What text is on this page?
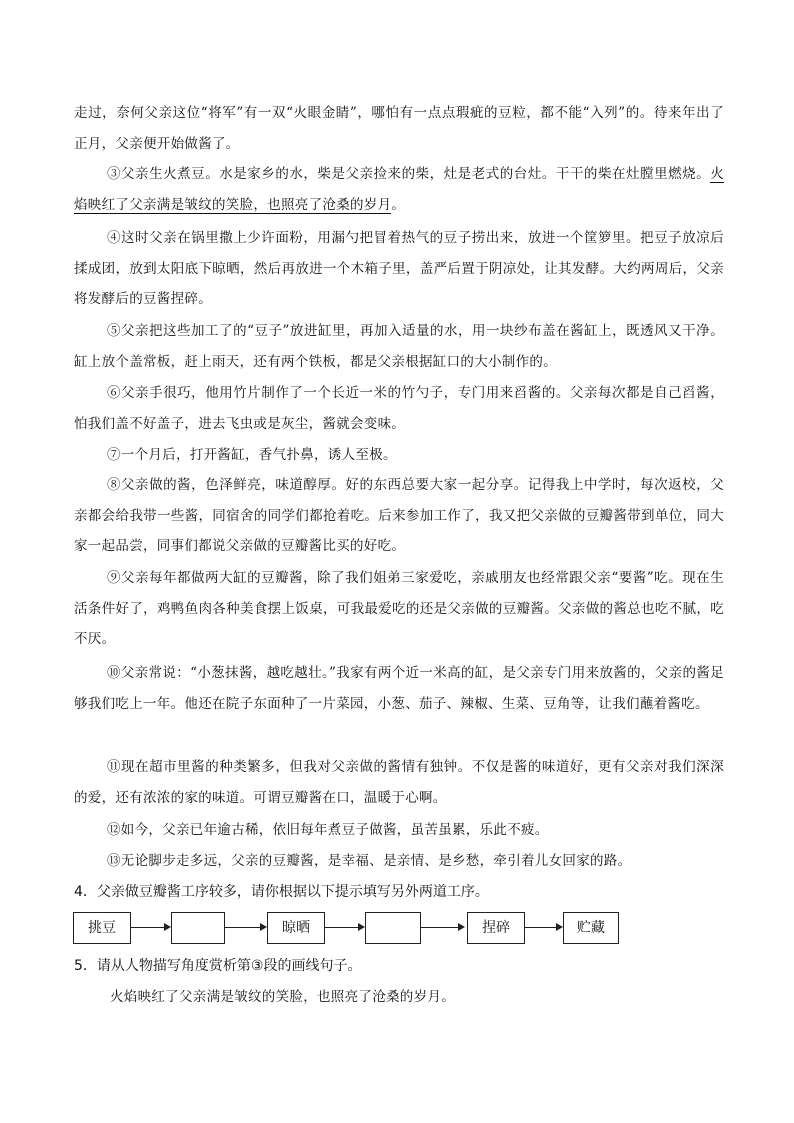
走过，奈何父亲这位“将军”有一双“火眼金睛”，哪怕有一点点瑕疵的豆粒，都不能“入列”的。待来年出了正月，父亲便开始做酱了。
③父亲生火煮豆。水是家乡的水，柴是父亲捡来的柴，灶是老式的台灶。干干的柴在灶膛里燃烧。火焰映红了父亲满是皱纹的笑脸，也照亮了沧桑的岁月。
④这时父亲在锅里撒上少许面粉，用漏勺把冒着热气的豆子捞出来，放进一个筐箩里。把豆子放凉后揉成团，放到太阳底下晾晒，然后再放进一个木箱子里，盖严后置于阴凉处，让其发酵。大约两周后，父亲将发酵后的豆酱捏碎。
⑤父亲把这些加工了的“豆子”放进缸里，再加入适量的水，用一块纱布盖在酱缸上，既透风又干净。缸上放个盖常板，赶上雨天，还有两个铁板，都是父亲根据缸口的大小制作的。
⑥父亲手很巧，他用竹片制作了一个长近一米的竹勺子，专门用来舀酱的。父亲每次都是自己舀酱，怕我们盖不好盖子，进去飞虫或是灰尘，酱就会变味。
⑦一个月后，打开酱缸，香气扑鼻，诱人至极。
⑧父亲做的酱，色泽鲜亮，味道醇厚。好的东西总要大家一起分享。记得我上中学时，每次返校，父亲都会给我带一些酱，同宿舍的同学们都抢着吃。后来参加工作了，我又把父亲做的豆瓣酱带到单位，同大家一起品尝，同事们都说父亲做的豆瓣酱比买的好吃。
⑨父亲每年都做两大缸的豆瓣酱，除了我们姐弟三家爱吃，亲戚朋友也经常跟父亲“要酱”吃。现在生活条件好了，鸡鸭鱼肉各种美食摆上饭桌，可我最爱吃的还是父亲做的豆瓣酱。父亲做的酱总也吃不腻，吃不厌。
⑩父亲常说：“小葱抹酱，越吃越壮。”我家有两个近一米高的缸，是父亲专门用来放酱的，父亲的酱足够我们吃上一年。他还在院子东面种了一片菜园，小葱、茄子、辣椒、生菜、豆角等，让我们蘸着酱吃。
⑪现在超市里酱的种类繁多，但我对父亲做的酱情有独钟。不仅是酱的味道好，更有父亲对我们深深的爱，还有浓浓的家的味道。可谓豆瓣酱在口，温暖于心啊。
⑫如今，父亲已年逾古稀，依旧每年煮豆子做酱，虽苦虽累，乐此不疲。
⑬无论脚步走多远，父亲的豆瓣酱，是幸福、是亲情、是乡愁，牵引着儿女回家的路。
4．父亲做豆瓣酱工序较多，请你根据以下提示填写另外两道工序。
挑豆	晾晒	捏碎	贮藏
5．请从人物描写角度赏析第③段的画线句子。
火焰映红了父亲满是皱纹的笑脸，也照亮了沧桑的岁月。
